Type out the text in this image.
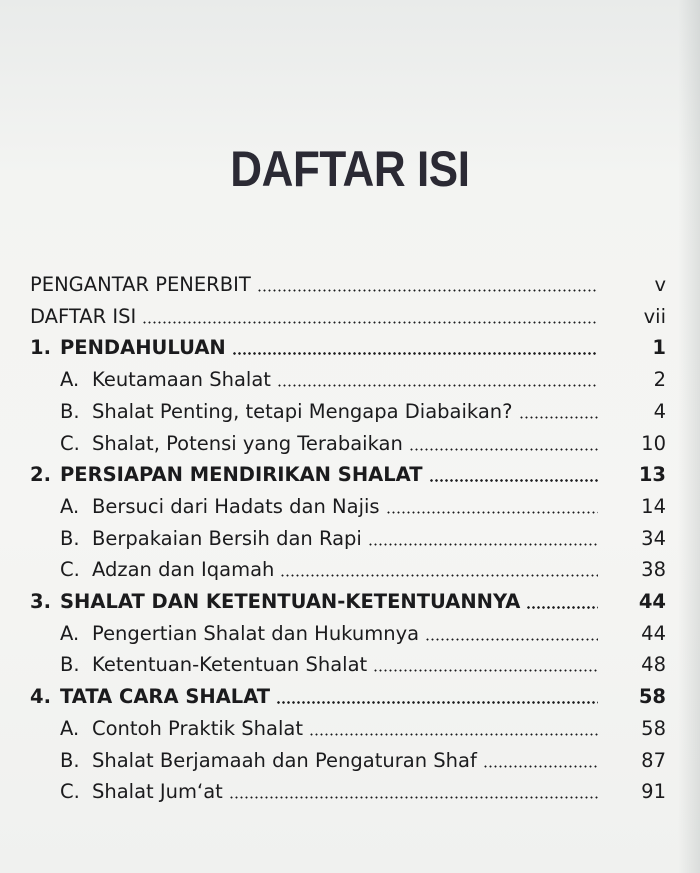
DAFTAR ISI
PENGANTAR PENERBIT	v
DAFTAR ISI	vii
1. PENDAHULUAN	1
A. Keutamaan Shalat	2
B. Shalat Penting, tetapi Mengapa Diabaikan?	4
C. Shalat, Potensi yang Terabaikan	10
2. PERSIAPAN MENDIRIKAN SHALAT	13
A. Bersuci dari Hadats dan Najis	14
B. Berpakaian Bersih dan Rapi	34
C. Adzan dan Iqamah	38
3. SHALAT DAN KETENTUAN-KETENTUANNYA	44
A. Pengertian Shalat dan Hukumnya	44
B. Ketentuan-Ketentuan Shalat	48
4. TATA CARA SHALAT	58
A. Contoh Praktik Shalat	58
B. Shalat Berjamaah dan Pengaturan Shaf	87
C. Shalat Jum‘at	91
